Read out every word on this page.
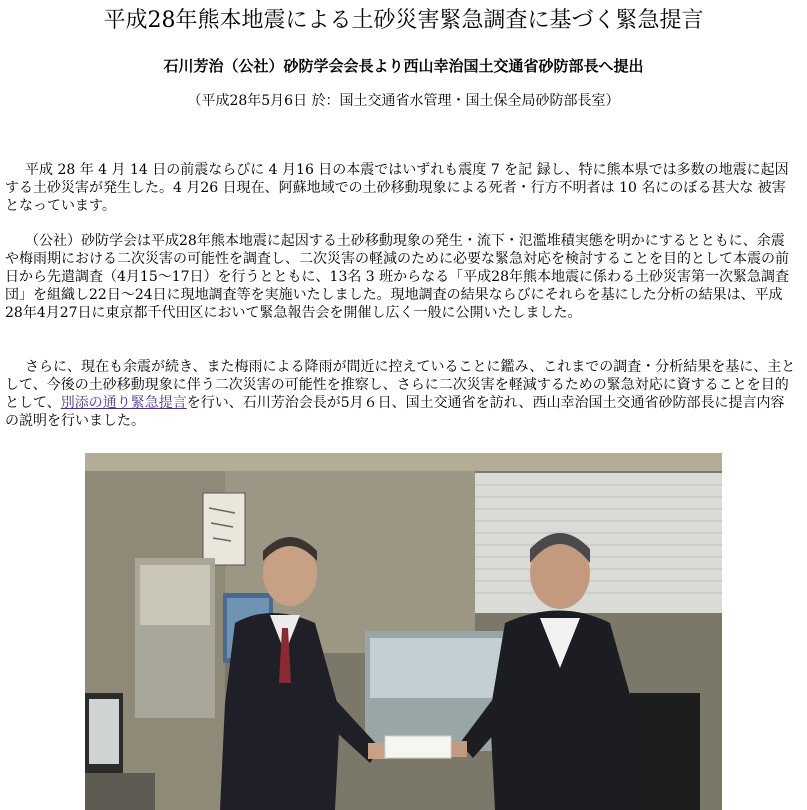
平成28年熊本地震による土砂災害緊急調査に基づく緊急提言
石川芳治（公社）砂防学会会長より西山幸治国土交通省砂防部長へ提出
（平成28年5月6日 於：国土交通省水管理・国土保全局砂防部長室）

平成 28 年 4 月 14 日の前震ならびに 4 月16 日の本震ではいずれも震度 7 を記 録し、特に熊本県では多数の地震に起因する土砂災害が発生した。4 月26 日現在、阿蘇地域での土砂移動現象による死者・行方不明者は 10 名にのぼる甚大な 被害となっています。

（公社）砂防学会は平成28年熊本地震に起因する土砂移動現象の発生・流下・氾濫堆積実態を明かにするとともに、余震や梅雨期における二次災害の可能性を調査し、二次災害の軽減のために必要な緊急対応を検討することを目的として本震の前日から先遣調査（4月15～17日）を行うとともに、13名 3 班からなる「平成28年熊本地震に係わる土砂災害第一次緊急調査団」を組織し22日～24日に現地調査等を実施いたしました。現地調査の結果ならびにそれらを基にした分析の結果は、平成28年4月27日に東京都千代田区において緊急報告会を開催し広く一般に公開いたしました。

さらに、現在も余震が続き、また梅雨による降雨が間近に控えていることに鑑み、これまでの調査・分析結果を基に、主として、今後の土砂移動現象に伴う二次災害の可能性を推察し、さらに二次災害を軽減するための緊急対応に資することを目的として、別添の通り緊急提言を行い、石川芳治会長が5月６日、国土交通省を訪れ、西山幸治国土交通省砂防部長に提言内容の説明を行いました。
